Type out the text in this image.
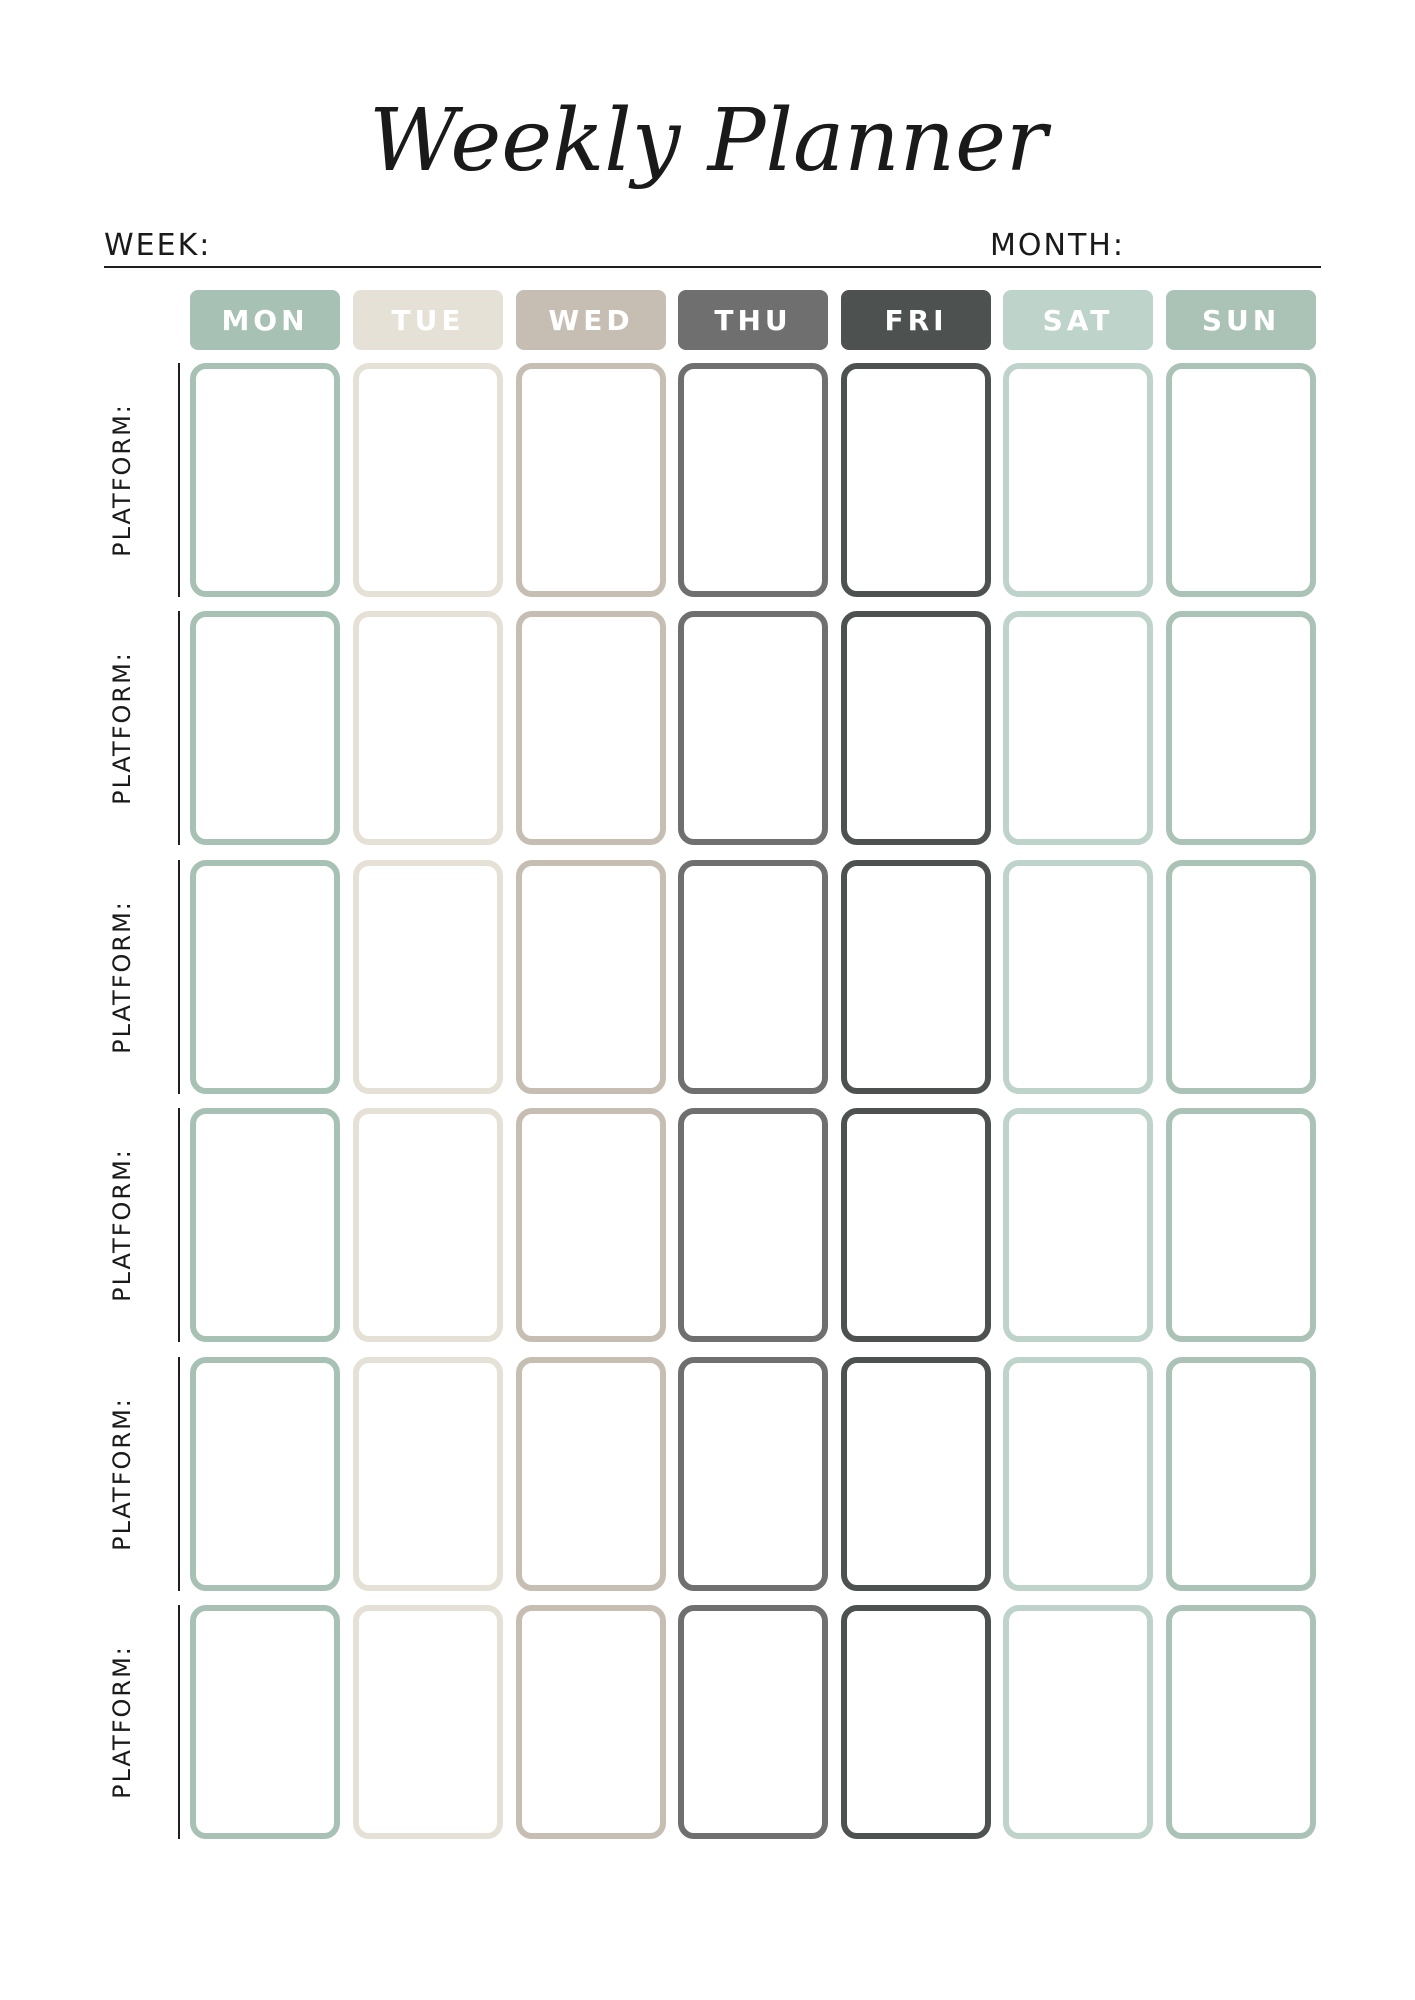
Weekly Planner
WEEK:	MONTH:
MON	TUE	WED	THU	FRI	SAT	SUN
PLATFORM:
PLATFORM:
PLATFORM:
PLATFORM:
PLATFORM:
PLATFORM:
